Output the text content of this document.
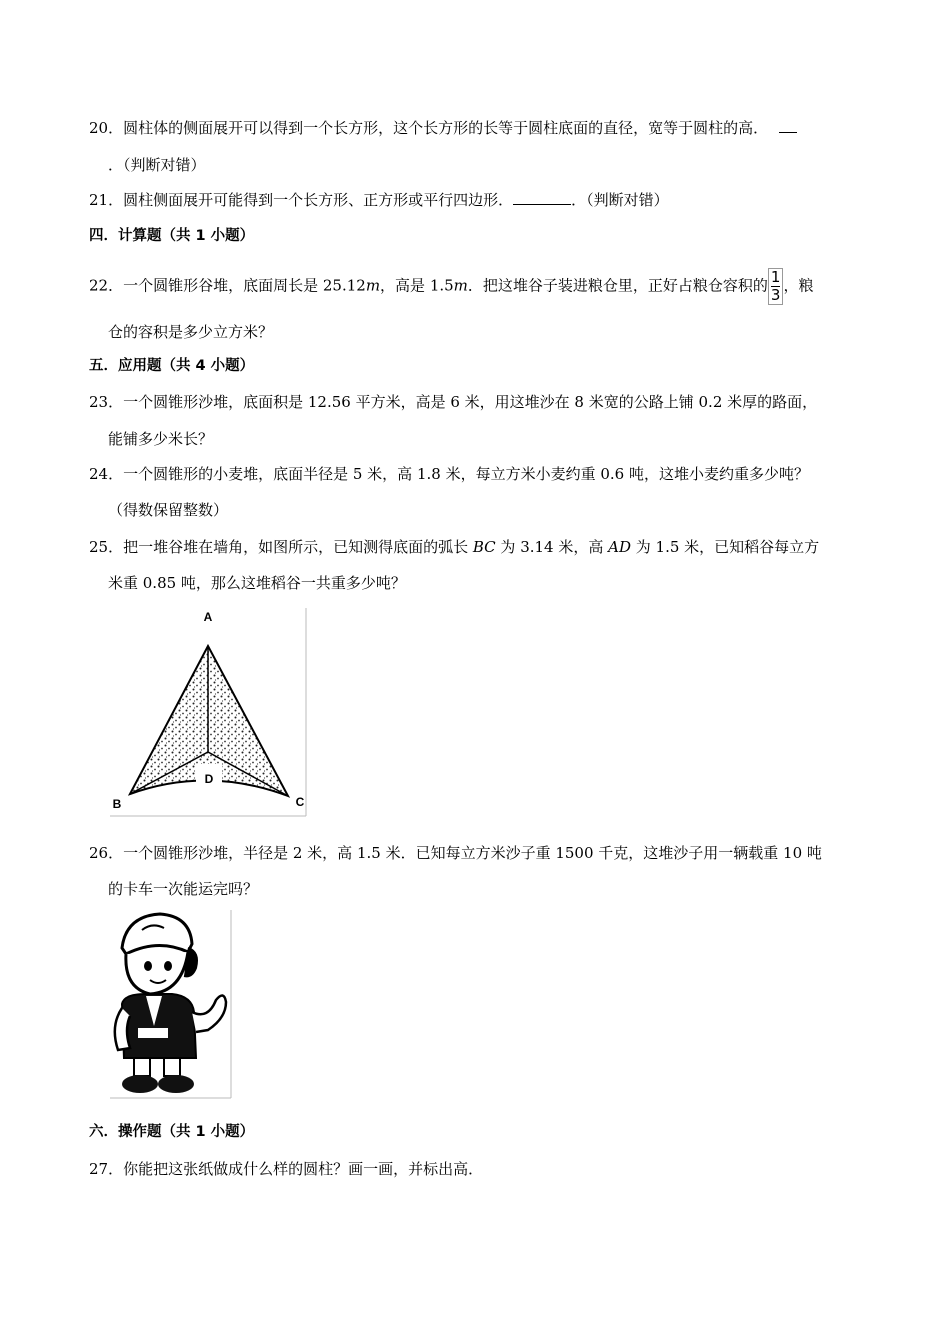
20．圆柱体的侧面展开可以得到一个长方形，这个长方形的长等于圆柱底面的直径，宽等于圆柱的高．
．（判断对错）
21．圆柱侧面展开可能得到一个长方形、正方形或平行四边形．	．（判断对错）
四．计算题（共 1 小题）
22．一个圆锥形谷堆，底面周长是 25.12m，高是 1.5m．把这堆谷子装进粮仓里，正好占粮仓容积的 $\frac{1}{3}$ ，粮
仓的容积是多少立方米？
五．应用题（共 4 小题）
23．一个圆锥形沙堆，底面积是 12.56 平方米，高是 6 米，用这堆沙在 8 米宽的公路上铺 0.2 米厚的路面，
能铺多少米长？
24．一个圆锥形的小麦堆，底面半径是 5 米，高 1.8 米，每立方米小麦约重 0.6 吨，这堆小麦约重多少吨？
（得数保留整数）
25．把一堆谷堆在墙角，如图所示，已知测得底面的弧长 BC 为 3.14 米，高 AD 为 1.5 米，已知稻谷每立方
米重 0.85 吨，那么这堆稻谷一共重多少吨？
A
B	C
D
26．一个圆锥形沙堆，半径是 2 米，高 1.5 米．已知每立方米沙子重 1500 千克，这堆沙子用一辆载重 10 吨
的卡车一次能运完吗？
六．操作题（共 1 小题）
27．你能把这张纸做成什么样的圆柱？画一画，并标出高．
